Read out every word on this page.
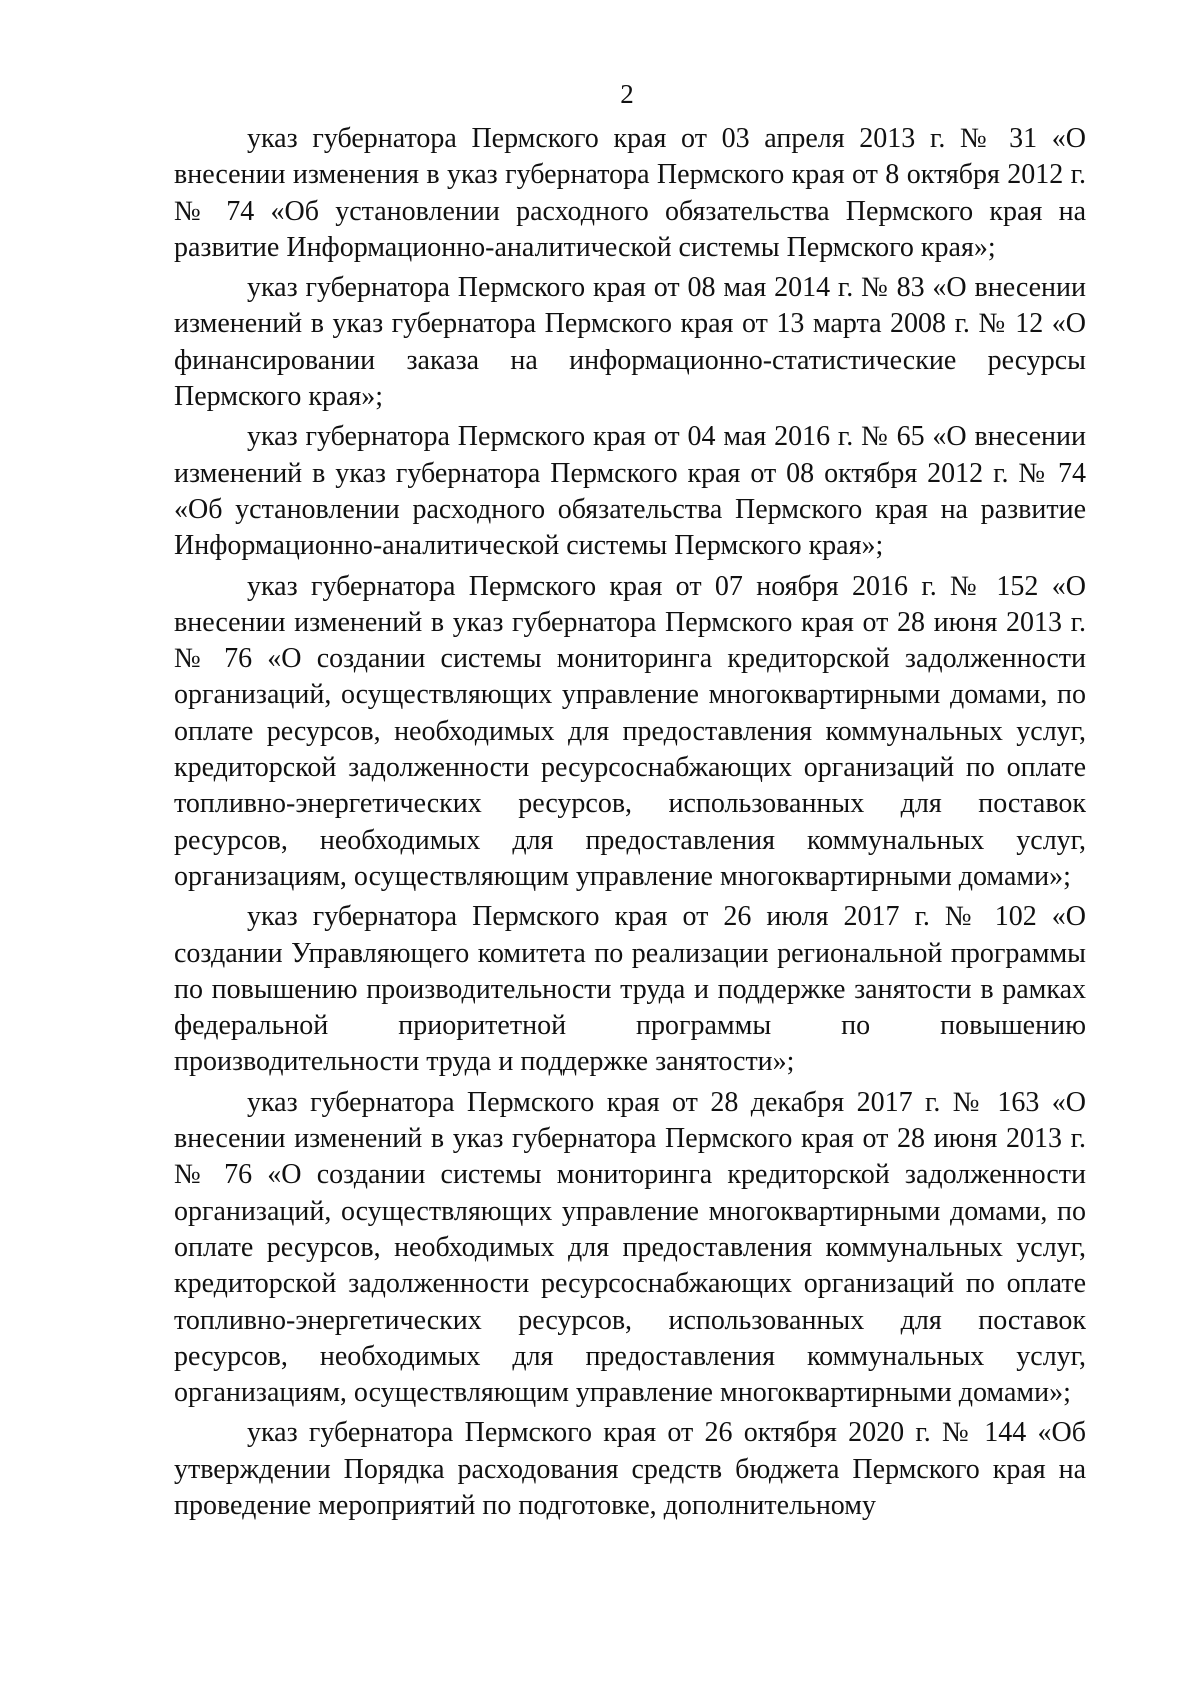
2

указ губернатора Пермского края от 03 апреля 2013 г. № 31 «О внесении изменения в указ губернатора Пермского края от 8 октября 2012 г. № 74 «Об установлении расходного обязательства Пермского края на развитие Информационно-аналитической системы Пермского края»;

указ губернатора Пермского края от 08 мая 2014 г. № 83 «О внесении изменений в указ губернатора Пермского края от 13 марта 2008 г. № 12 «О финансировании заказа на информационно-статистические ресурсы Пермского края»;

указ губернатора Пермского края от 04 мая 2016 г. № 65 «О внесении изменений в указ губернатора Пермского края от 08 октября 2012 г. № 74 «Об установлении расходного обязательства Пермского края на развитие Информационно-аналитической системы Пермского края»;

указ губернатора Пермского края от 07 ноября 2016 г. № 152 «О внесении изменений в указ губернатора Пермского края от 28 июня 2013 г. № 76 «О создании системы мониторинга кредиторской задолженности организаций, осуществляющих управление многоквартирными домами, по оплате ресурсов, необходимых для предоставления коммунальных услуг, кредиторской задолженности ресурсоснабжающих организаций по оплате топливно-энергетических ресурсов, использованных для поставок ресурсов, необходимых для предоставления коммунальных услуг, организациям, осуществляющим управление многоквартирными домами»;

указ губернатора Пермского края от 26 июля 2017 г. № 102 «О создании Управляющего комитета по реализации региональной программы по повышению производительности труда и поддержке занятости в рамках федеральной приоритетной программы по повышению производительности труда и поддержке занятости»;

указ губернатора Пермского края от 28 декабря 2017 г. № 163 «О внесении изменений в указ губернатора Пермского края от 28 июня 2013 г. № 76 «О создании системы мониторинга кредиторской задолженности организаций, осуществляющих управление многоквартирными домами, по оплате ресурсов, необходимых для предоставления коммунальных услуг, кредиторской задолженности ресурсоснабжающих организаций по оплате топливно-энергетических ресурсов, использованных для поставок ресурсов, необходимых для предоставления коммунальных услуг, организациям, осуществляющим управление многоквартирными домами»;

указ губернатора Пермского края от 26 октября 2020 г. № 144 «Об утверждении Порядка расходования средств бюджета Пермского края на проведение мероприятий по подготовке, дополнительному
